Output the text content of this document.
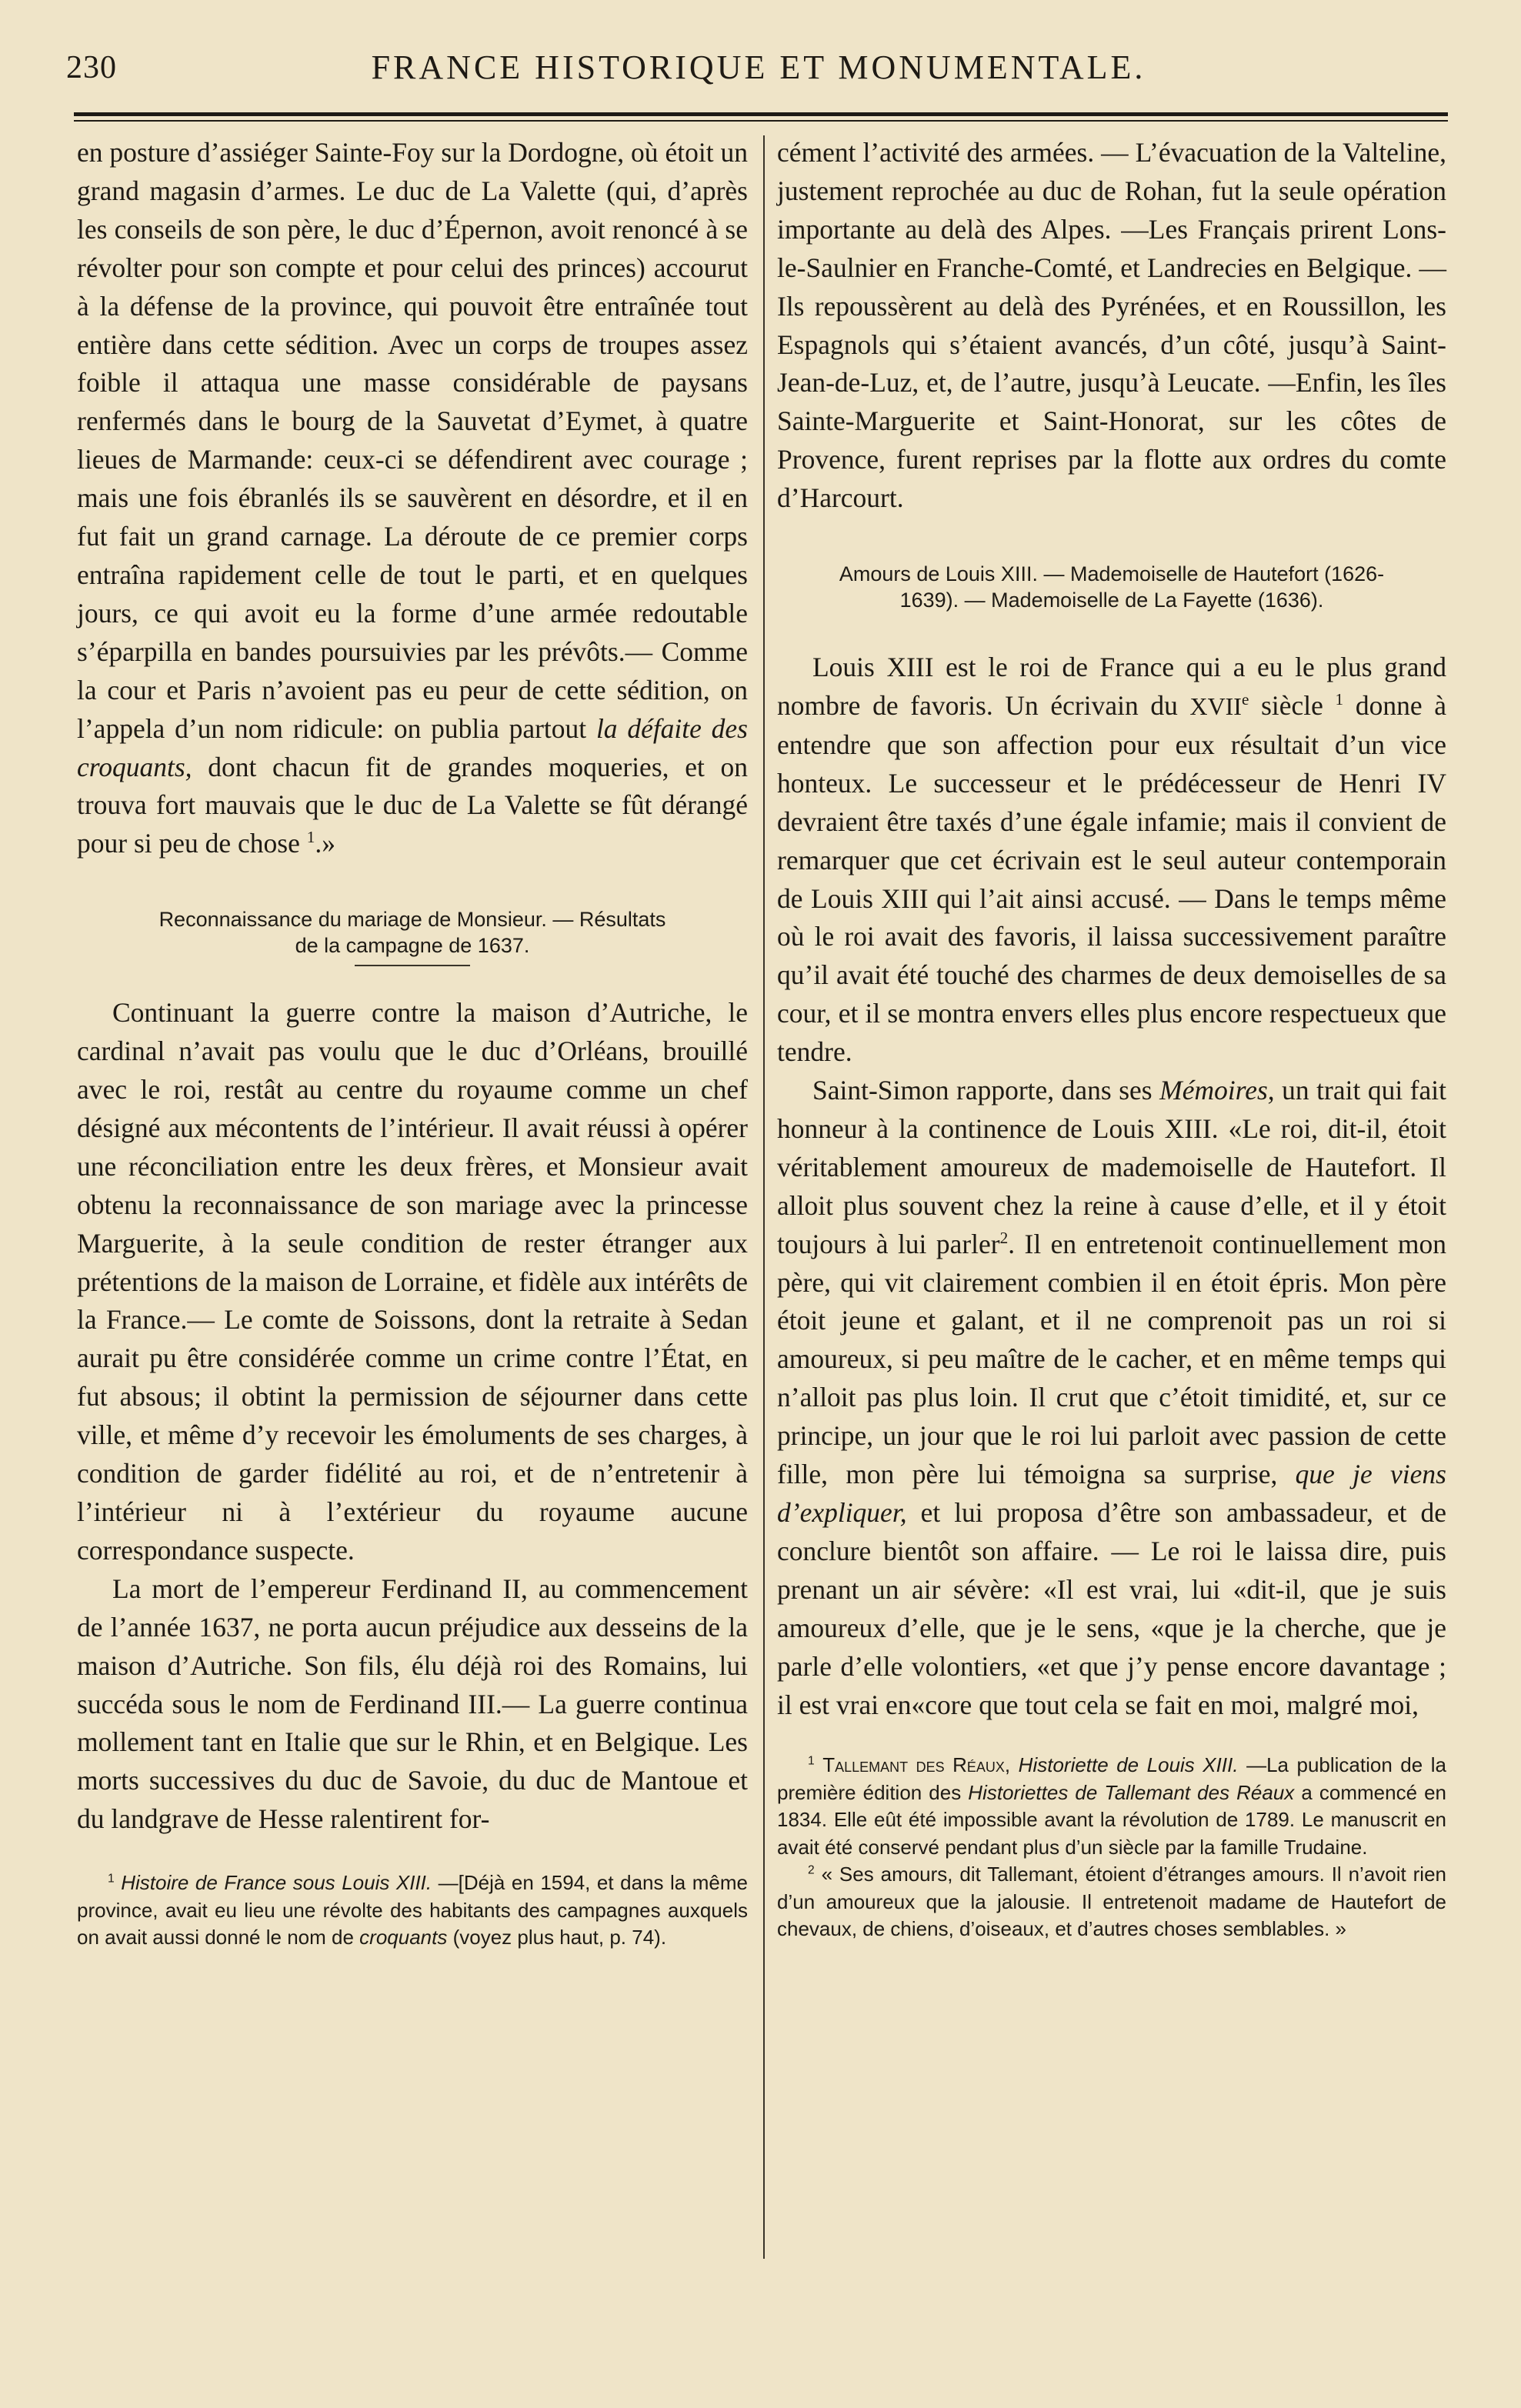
230	FRANCE HISTORIQUE ET MONUMENTALE.

en posture d’assiéger Sainte-Foy sur la Dordogne, où étoit un grand magasin d’armes. Le duc de La Valette (qui, d’après les conseils de son père, le duc d’Épernon, avoit renoncé à se révolter pour son compte et pour celui des princes) accourut à la défense de la province, qui pouvoit être entraînée tout entière dans cette sédition. Avec un corps de troupes assez foible il attaqua une masse considérable de paysans renfermés dans le bourg de la Sauvetat d’Eymet, à quatre lieues de Marmande: ceux-ci se défendirent avec courage ; mais une fois ébranlés ils se sauvèrent en désordre, et il en fut fait un grand carnage. La déroute de ce premier corps entraîna rapidement celle de tout le parti, et en quelques jours, ce qui avoit eu la forme d’une armée redoutable s’éparpilla en bandes poursuivies par les prévôts.— Comme la cour et Paris n’avoient pas eu peur de cette sédition, on l’appela d’un nom ridicule: on publia partout la défaite des croquants, dont chacun fit de grandes moqueries, et on trouva fort mauvais que le duc de La Valette se fût dérangé pour si peu de chose $^1$.»

Reconnaissance du mariage de Monsieur. — Résultats
de la campagne de 1637.

Continuant la guerre contre la maison d’Autriche, le cardinal n’avait pas voulu que le duc d’Orléans, brouillé avec le roi, restât au centre du royaume comme un chef désigné aux mécontents de l’intérieur. Il avait réussi à opérer une réconciliation entre les deux frères, et Monsieur avait obtenu la reconnaissance de son mariage avec la princesse Marguerite, à la seule condition de rester étranger aux prétentions de la maison de Lorraine, et fidèle aux intérêts de la France.— Le comte de Soissons, dont la retraite à Sedan aurait pu être considérée comme un crime contre l’État, en fut absous; il obtint la permission de séjourner dans cette ville, et même d’y recevoir les émoluments de ses charges, à condition de garder fidélité au roi, et de n’entretenir à l’intérieur ni à l’extérieur du royaume aucune correspondance suspecte.

La mort de l’empereur Ferdinand II, au commencement de l’année 1637, ne porta aucun préjudice aux desseins de la maison d’Autriche. Son fils, élu déjà roi des Romains, lui succéda sous le nom de Ferdinand III.— La guerre continua mollement tant en Italie que sur le Rhin, et en Belgique. Les morts successives du duc de Savoie, du duc de Mantoue et du landgrave de Hesse ralentirent for-

$^1$ Histoire de France sous Louis XIII. —[Déjà en 1594, et dans la même province, avait eu lieu une révolte des habitants des campagnes auxquels on avait aussi donné le nom de croquants (voyez plus haut, p. 74).

cément l’activité des armées. — L’évacuation de la Valteline, justement reprochée au duc de Rohan, fut la seule opération importante au delà des Alpes. —Les Français prirent Lons-le-Saulnier en Franche-Comté, et Landrecies en Belgique. —Ils repoussèrent au delà des Pyrénées, et en Roussillon, les Espagnols qui s’étaient avancés, d’un côté, jusqu’à Saint-Jean-de-Luz, et, de l’autre, jusqu’à Leucate. —Enfin, les îles Sainte-Marguerite et Saint-Honorat, sur les côtes de Provence, furent reprises par la flotte aux ordres du comte d’Harcourt.

Amours de Louis XIII. — Mademoiselle de Hautefort (1626-
1639). — Mademoiselle de La Fayette (1636).

Louis XIII est le roi de France qui a eu le plus grand nombre de favoris. Un écrivain du XVIIe siècle $^1$ donne à entendre que son affection pour eux résultait d’un vice honteux. Le successeur et le prédécesseur de Henri IV devraient être taxés d’une égale infamie; mais il convient de remarquer que cet écrivain est le seul auteur contemporain de Louis XIII qui l’ait ainsi accusé. — Dans le temps même où le roi avait des favoris, il laissa successivement paraître qu’il avait été touché des charmes de deux demoiselles de sa cour, et il se montra envers elles plus encore respectueux que tendre.

Saint-Simon rapporte, dans ses Mémoires, un trait qui fait honneur à la continence de Louis XIII. «Le roi, dit-il, étoit véritablement amoureux de mademoiselle de Hautefort. Il alloit plus souvent chez la reine à cause d’elle, et il y étoit toujours à lui parler$^2$. Il en entretenoit continuellement mon père, qui vit clairement combien il en étoit épris. Mon père étoit jeune et galant, et il ne comprenoit pas un roi si amoureux, si peu maître de le cacher, et en même temps qui n’alloit pas plus loin. Il crut que c’étoit timidité, et, sur ce principe, un jour que le roi lui parloit avec passion de cette fille, mon père lui témoigna sa surprise, que je viens d’expliquer, et lui proposa d’être son ambassadeur, et de conclure bientôt son affaire. — Le roi le laissa dire, puis prenant un air sévère: «Il est vrai, lui «dit-il, que je suis amoureux d’elle, que je le sens, «que je la cherche, que je parle d’elle volontiers, «et que j’y pense encore davantage ; il est vrai en«core que tout cela se fait en moi, malgré moi,

$^1$ Tallemant des Réaux, Historiette de Louis XIII. —La publication de la première édition des Historiettes de Tallemant des Réaux a commencé en 1834. Elle eût été impossible avant la révolution de 1789. Le manuscrit en avait été conservé pendant plus d’un siècle par la famille Trudaine.

$^2$ « Ses amours, dit Tallemant, étoient d’étranges amours. Il n’avoit rien d’un amoureux que la jalousie. Il entretenoit madame de Hautefort de chevaux, de chiens, d’oiseaux, et d’autres choses semblables. »
